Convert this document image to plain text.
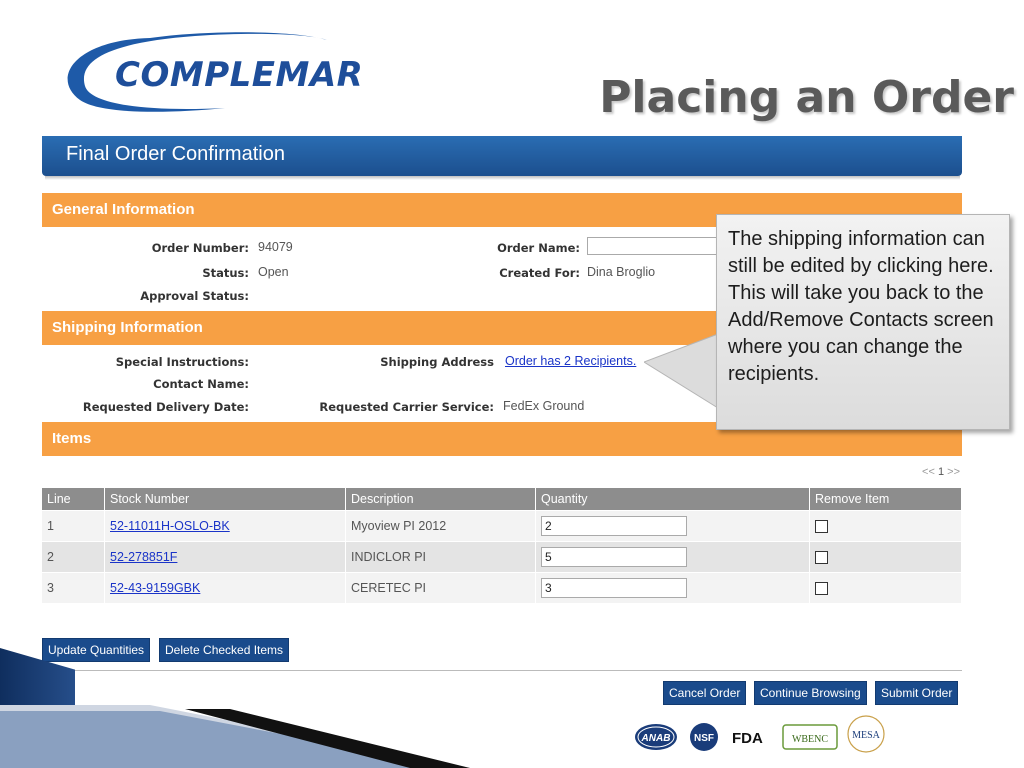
COMPLEMAR	Placing an Order
Final Order Confirmation
General Information
Order Number: 94079
Status: Open
Approval Status:
Order Name:
Created For: Dina Broglio
Shipping Information
Special Instructions:
Contact Name:
Requested Delivery Date:
Shipping Address Order has 2 Recipients.
Requested Carrier Service: FedEx Ground
Items
<< 1 >>
Line	Stock Number	Description	Quantity	Remove Item
1	52-11011H-OSLO-BK	Myoview PI 2012	2	
2	52-278851F	INDICLOR PI	5	
3	52-43-9159GBK	CERETEC PI	3	
Update Quantities	Delete Checked Items
Cancel Order	Continue Browsing	Submit Order
The shipping information can still be edited by clicking here. This will take you back to the Add/Remove Contacts screen where you can change the recipients.
ANAB NSF FDA	WBENC MESA
